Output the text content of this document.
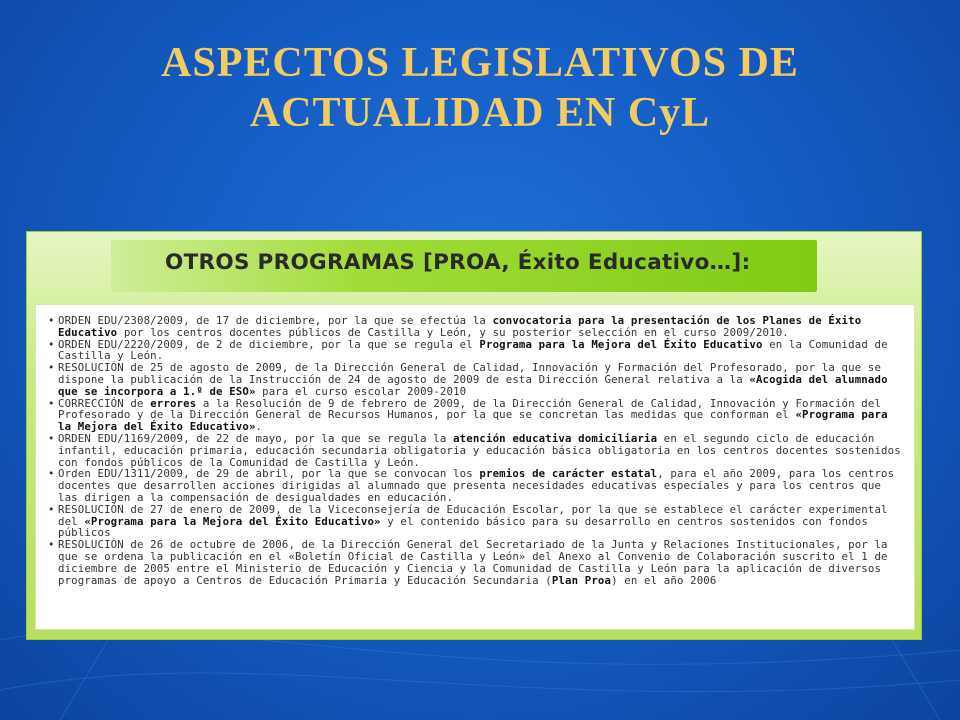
ASPECTOS LEGISLATIVOS DE
ACTUALIDAD EN CyL
OTROS PROGRAMAS [PROA, Éxito Educativo…]:
• ORDEN EDU/2308/2009, de 17 de diciembre, por la que se efectúa la convocatoria para la presentación de los Planes de Éxito Educativo por los centros docentes públicos de Castilla y León, y su posterior selección en el curso 2009/2010.
• ORDEN EDU/2220/2009, de 2 de diciembre, por la que se regula el Programa para la Mejora del Éxito Educativo en la Comunidad de Castilla y León.
• RESOLUCIÓN de 25 de agosto de 2009, de la Dirección General de Calidad, Innovación y Formación del Profesorado, por la que se dispone la publicación de la Instrucción de 24 de agosto de 2009 de esta Dirección General relativa a la «Acogida del alumnado que se incorpora a 1.º de ESO» para el curso escolar 2009-2010
• CORRECCIÓN de errores a la Resolución de 9 de febrero de 2009, de la Dirección General de Calidad, Innovación y Formación del Profesorado y de la Dirección General de Recursos Humanos, por la que se concretan las medidas que conforman el «Programa para la Mejora del Éxito Educativo».
• ORDEN EDU/1169/2009, de 22 de mayo, por la que se regula la atención educativa domiciliaria en el segundo ciclo de educación infantil, educación primaria, educación secundaria obligatoria y educación básica obligatoria en los centros docentes sostenidos con fondos públicos de la Comunidad de Castilla y León.
• Orden EDU/1311/2009, de 29 de abril, por la que se convocan los premios de carácter estatal, para el año 2009, para los centros docentes que desarrollen acciones dirigidas al alumnado que presenta necesidades educativas especiales y para los centros que las dirigen a la compensación de desigualdades en educación.
• RESOLUCIÓN de 27 de enero de 2009, de la Viceconsejería de Educación Escolar, por la que se establece el carácter experimental del «Programa para la Mejora del Éxito Educativo» y el contenido básico para su desarrollo en centros sostenidos con fondos públicos
• RESOLUCIÓN de 26 de octubre de 2006, de la Dirección General del Secretariado de la Junta y Relaciones Institucionales, por la que se ordena la publicación en el «Boletín Oficial de Castilla y León» del Anexo al Convenio de Colaboración suscrito el 1 de diciembre de 2005 entre el Ministerio de Educación y Ciencia y la Comunidad de Castilla y León para la aplicación de diversos programas de apoyo a Centros de Educación Primaria y Educación Secundaria (Plan Proa) en el año 2006
